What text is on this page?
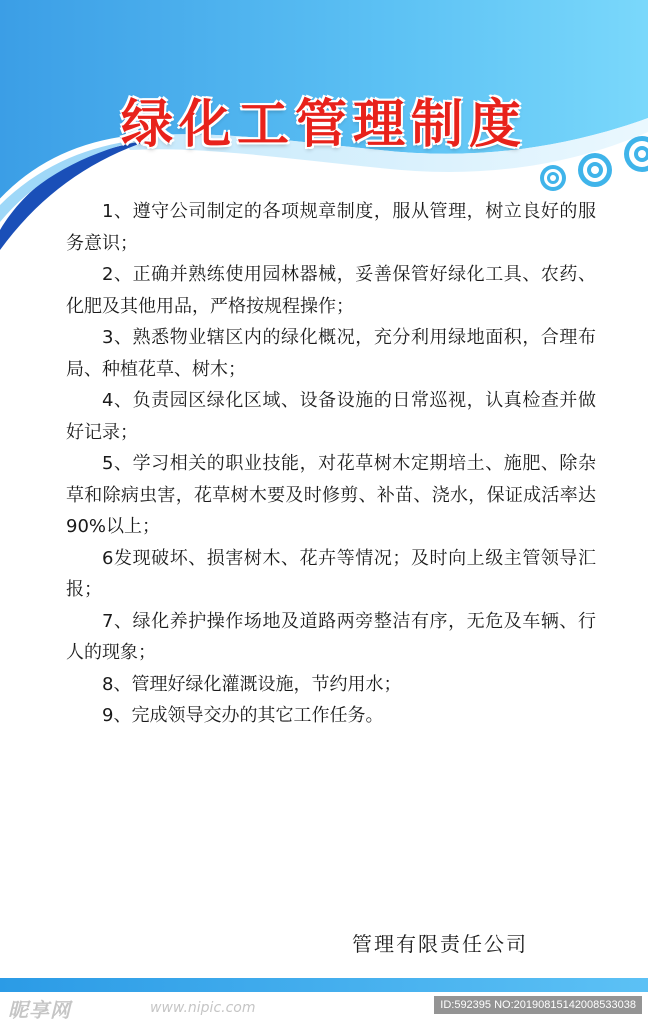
绿化工管理制度
1、遵守公司制定的各项规章制度，服从管理，树立良好的服务意识；
2、正确并熟练使用园林器械，妥善保管好绿化工具、农药、化肥及其他用品，严格按规程操作；
3、熟悉物业辖区内的绿化概况，充分利用绿地面积，合理布局、种植花草、树木；
4、负责园区绿化区域、设备设施的日常巡视，认真检查并做好记录；
5、学习相关的职业技能，对花草树木定期培土、施肥、除杂草和除病虫害，花草树木要及时修剪、补苗、浇水，保证成活率达90%以上；
6发现破坏、损害树木、花卉等情况；及时向上级主管领导汇报；
7、绿化养护操作场地及道路两旁整洁有序，无危及车辆、行人的现象；
8、管理好绿化灌溉设施，节约用水；
9、完成领导交办的其它工作任务。

管理有限责任公司

昵享网	www.nipic.com	ID:592395 NO:20190815142008533038
